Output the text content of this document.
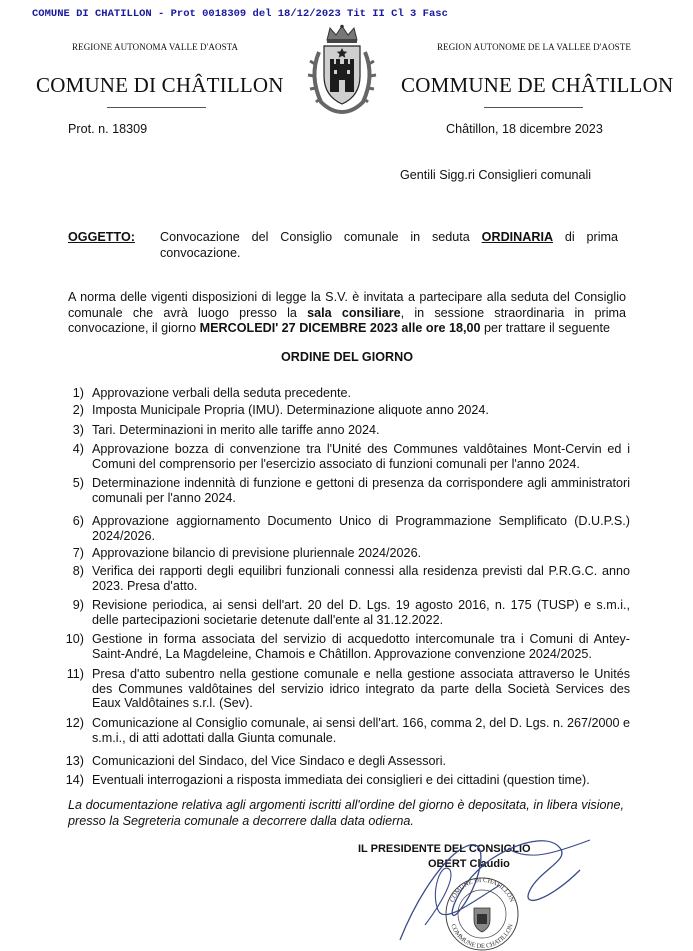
COMUNE DI CHATILLON - Prot 0018309 del 18/12/2023 Tit II Cl 3 Fasc
REGIONE AUTONOMA VALLE D'AOSTA	REGION AUTONOME DE LA VALLEE D'AOSTE
COMUNE DI CHÂTILLON	COMMUNE DE CHÂTILLON
Prot. n. 18309	Châtillon, 18 dicembre 2023
Gentili Sigg.ri Consiglieri comunali
OGGETTO: Convocazione del Consiglio comunale in seduta ORDINARIA di prima convocazione.
A norma delle vigenti disposizioni di legge la S.V. è invitata a partecipare alla seduta del Consiglio comunale che avrà luogo presso la sala consiliare, in sessione straordinaria in prima convocazione, il giorno MERCOLEDI' 27 DICEMBRE 2023 alle ore 18,00 per trattare il seguente
ORDINE DEL GIORNO
1) Approvazione verbali della seduta precedente.
2) Imposta Municipale Propria (IMU). Determinazione aliquote anno 2024.
3) Tari. Determinazioni in merito alle tariffe anno 2024.
4) Approvazione bozza di convenzione tra l'Unité des Communes valdôtaines Mont-Cervin ed i Comuni del comprensorio per l'esercizio associato di funzioni comunali per l'anno 2024.
5) Determinazione indennità di funzione e gettoni di presenza da corrispondere agli amministratori comunali per l'anno 2024.
6) Approvazione aggiornamento Documento Unico di Programmazione Semplificato (D.U.P.S.) 2024/2026.
7) Approvazione bilancio di previsione pluriennale 2024/2026.
8) Verifica dei rapporti degli equilibri funzionali connessi alla residenza previsti dal P.R.G.C. anno 2023. Presa d'atto.
9) Revisione periodica, ai sensi dell'art. 20 del D. Lgs. 19 agosto 2016, n. 175 (TUSP) e s.m.i., delle partecipazioni societarie detenute dall'ente al 31.12.2022.
10) Gestione in forma associata del servizio di acquedotto intercomunale tra i Comuni di Antey-Saint-André, La Magdeleine, Chamois e Châtillon. Approvazione convenzione 2024/2025.
11) Presa d'atto subentro nella gestione comunale e nella gestione associata attraverso le Unités des Communes valdôtaines del servizio idrico integrato da parte della Società Services des Eaux Valdôtaines s.r.l. (Sev).
12) Comunicazione al Consiglio comunale, ai sensi dell'art. 166, comma 2, del D. Lgs. n. 267/2000 e s.m.i., di atti adottati dalla Giunta comunale.
13) Comunicazioni del Sindaco, del Vice Sindaco e degli Assessori.
14) Eventuali interrogazioni a risposta immediata dei consiglieri e dei cittadini (question time).
La documentazione relativa agli argomenti iscritti all'ordine del giorno è depositata, in libera visione, presso la Segreteria comunale a decorrere dalla data odierna.
IL PRESIDENTE DEL CONSIGLIO
OBERT Claudio
COMUNE DI CHATILLON
COMMUNE DE CHATILLON
